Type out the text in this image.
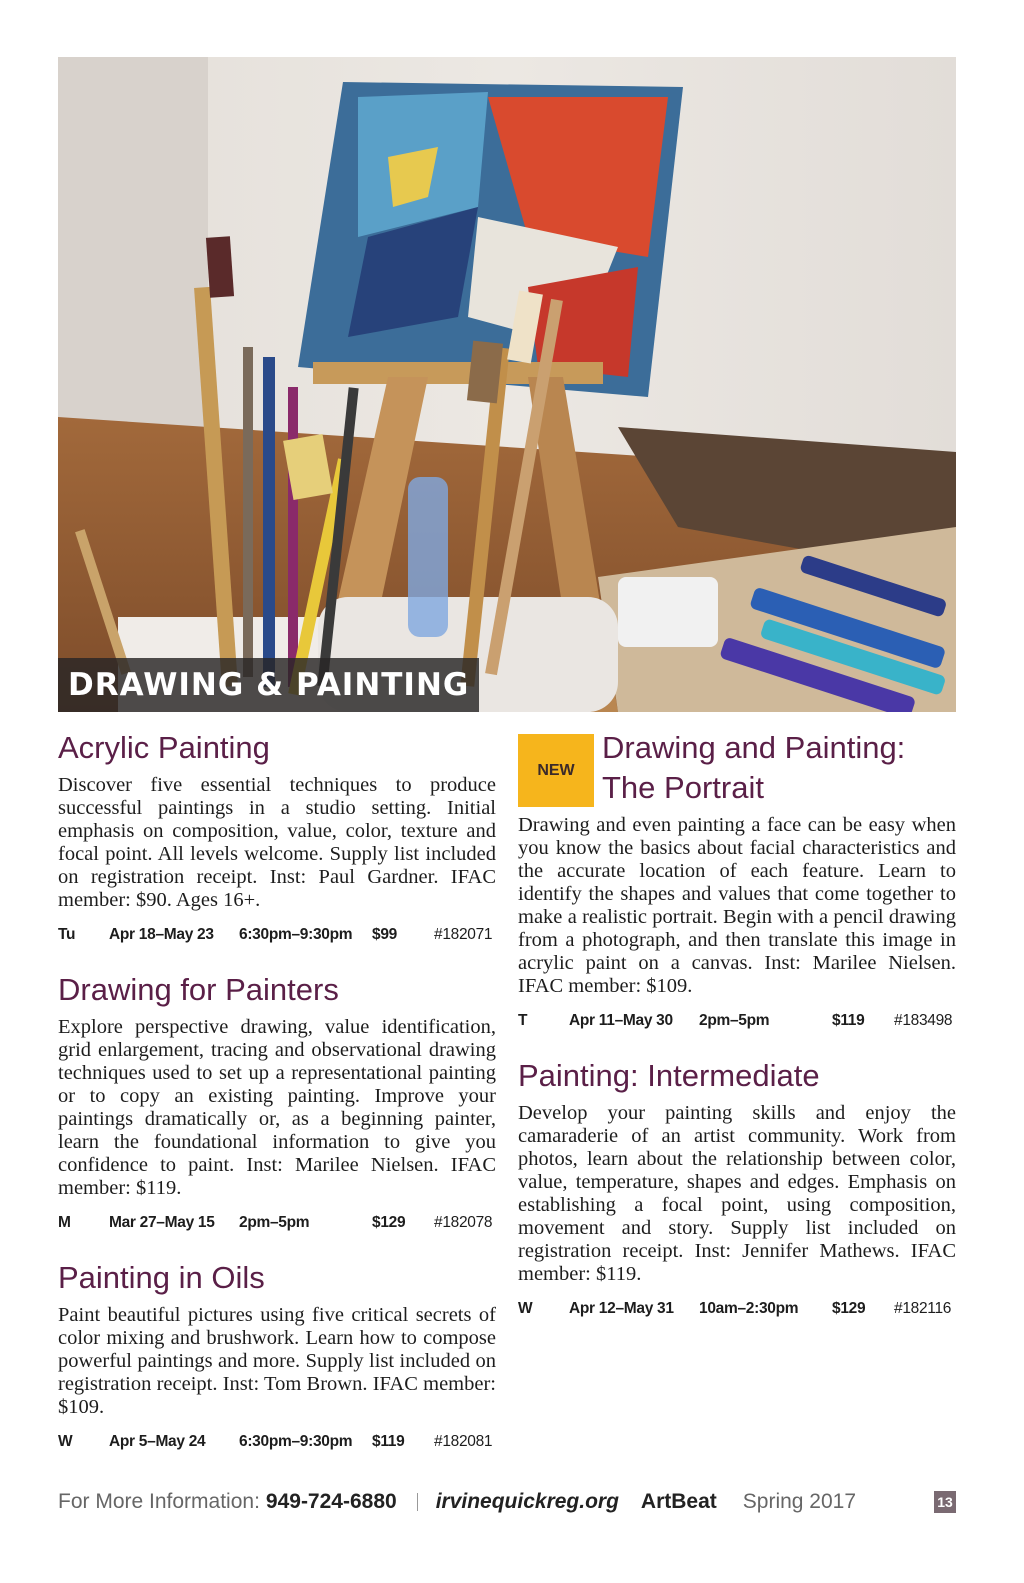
DRAWING & PAINTING
Acrylic Painting

Discover five essential techniques to produce successful paintings in a studio setting. Initial emphasis on composition, value, color, texture and focal point. All levels welcome. Supply list included on registration receipt. Inst: Paul Gardner. IFAC member: $90. Ages 16+.

Tu	Apr 18–May 23	6:30pm–9:30pm	$99	#182071
Drawing for Painters

Explore perspective drawing, value identification, grid enlargement, tracing and observational drawing techniques used to set up a representational painting or to copy an existing painting. Improve your paintings dramatically or, as a beginning painter, learn the foundational information to give you confidence to paint. Inst: Marilee Nielsen. IFAC member: $119.

M	Mar 27–May 15	2pm–5pm	$129	#182078
Painting in Oils

Paint beautiful pictures using five critical secrets of color mixing and brushwork. Learn how to compose powerful paintings and more. Supply list included on registration receipt. Inst: Tom Brown. IFAC member: $109.

W	Apr 5–May 24	6:30pm–9:30pm	$119	#182081
NEW
Drawing and Painting:
The Portrait

Drawing and even painting a face can be easy when you know the basics about facial characteristics and the accurate location of each feature. Learn to identify the shapes and values that come together to make a realistic portrait. Begin with a pencil drawing from a photograph, and then translate this image in acrylic paint on a canvas. Inst: Marilee Nielsen. IFAC member: $109.

T	Apr 11–May 30	2pm–5pm	$119	#183498
Painting: Intermediate

Develop your painting skills and enjoy the camaraderie of an artist community. Work from photos, learn about the relationship between color, value, temperature, shapes and edges. Emphasis on establishing a focal point, using composition, movement and story. Supply list included on registration receipt. Inst: Jennifer Mathews. IFAC member: $119.

W	Apr 12–May 31	10am–2:30pm	$129	#182116
For More Information: 949-724-6880 irvinequickreg.org ArtBeat Spring 2017	13
